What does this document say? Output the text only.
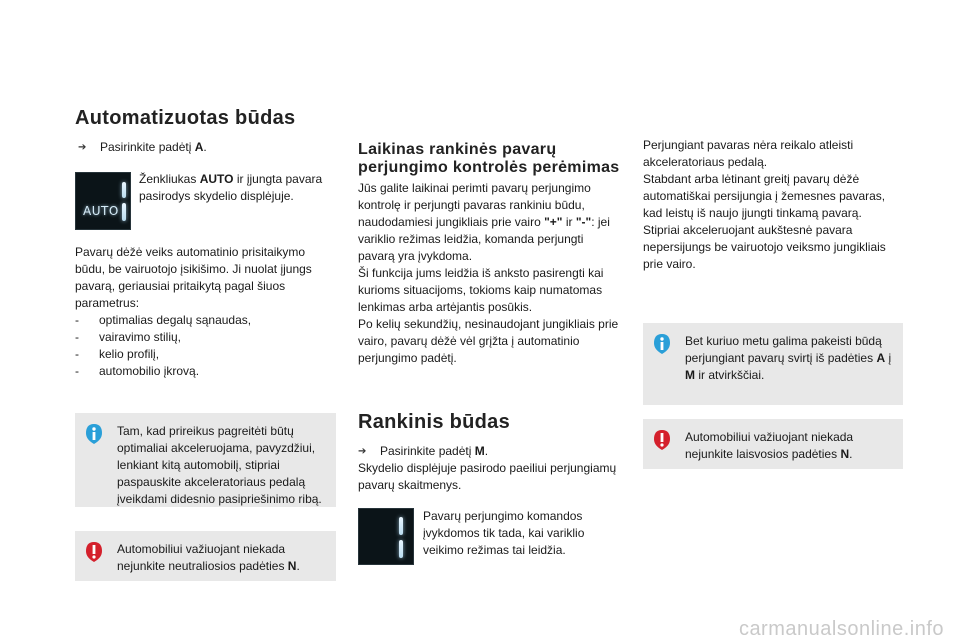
Automatizuotas būdas
➔	Pasirinkite padėtį A.

AUTO

Ženkliukas AUTO ir įjungta pavara pasirodys skydelio displėjuje.

Pavarų dėžė veiks automatinio prisitaikymo būdu, be vairuotojo įsikišimo. Ji nuolat įjungs pavarą, geriausiai pritaikytą pagal šiuos parametrus:

-	optimalias degalų sąnaudas,
-	vairavimo stilių,
-	kelio profilį,
-	automobilio įkrovą.

Tam, kad prireikus pagreitėti būtų optimaliai akceleruojama, pavyzdžiui, lenkiant kitą automobilį, stipriai paspauskite akceleratoriaus pedalą įveikdami didesnio pasipriešinimo ribą.

Automobiliui važiuojant niekada nejunkite neutraliosios padėties N.

Laikinas rankinės pavarų
perjungimo kontrolės perėmimas

Jūs galite laikinai perimti pavarų perjungimo kontrolę ir perjungti pavaras rankiniu būdu, naudodamiesi jungikliais prie vairo "+" ir "-": jei variklio režimas leidžia, komanda perjungti pavarą yra įvykdoma.

Ši funkcija jums leidžia iš anksto pasirengti kai kurioms situacijoms, tokioms kaip numatomas lenkimas arba artėjantis posūkis.

Po kelių sekundžių, nesinaudojant jungikliais prie vairo, pavarų dėžė vėl grįžta į automatinio perjungimo padėtį.

Rankinis būdas
➔	Pasirinkite padėtį M.

Skydelio displėjuje pasirodo paeiliui perjungiamų pavarų skaitmenys.

Pavarų perjungimo komandos įvykdomos tik tada, kai variklio veikimo režimas tai leidžia.

Perjungiant pavaras nėra reikalo atleisti akceleratoriaus pedalą.

Stabdant arba lėtinant greitį pavarų dėžė automatiškai persijungia į žemesnes pavaras, kad leistų iš naujo įjungti tinkamą pavarą.

Stipriai akceleruojant aukštesnė pavara nepersijungs be vairuotojo veiksmo jungikliais prie vairo.

Bet kuriuo metu galima pakeisti būdą perjungiant pavarų svirtį iš padėties A į M ir atvirkščiai.

Automobiliui važiuojant niekada nejunkite laisvosios padėties N.

carmanualsonline.info
